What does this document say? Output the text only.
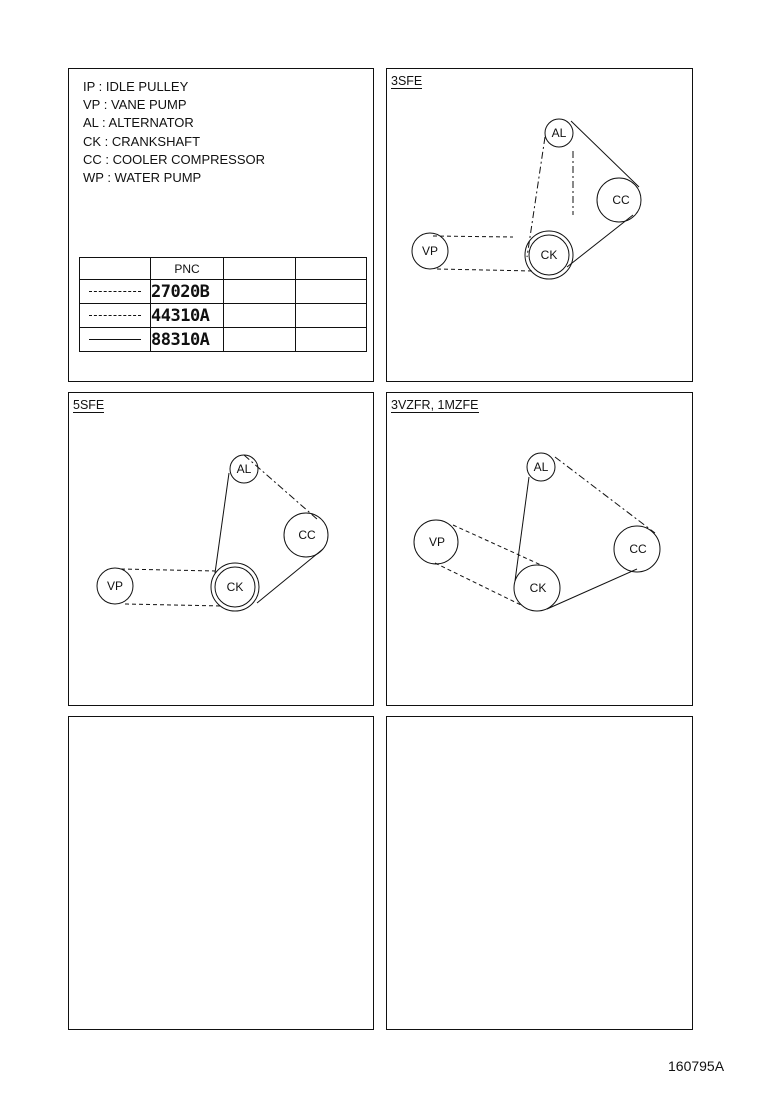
IP : IDLE PULLEY
VP : VANE PUMP
AL : ALTERNATOR
CK : CRANKSHAFT
CC : COOLER COMPRESSOR
WP : WATER PUMP
	PNC		

	27020B		

	44310A		

	88310A		
3SFE
AL
CC
VP	CK
5SFE
AL
CC
VP	CK
3VZFR, 1MZFE
AL
CC
VP
CK
160795A
